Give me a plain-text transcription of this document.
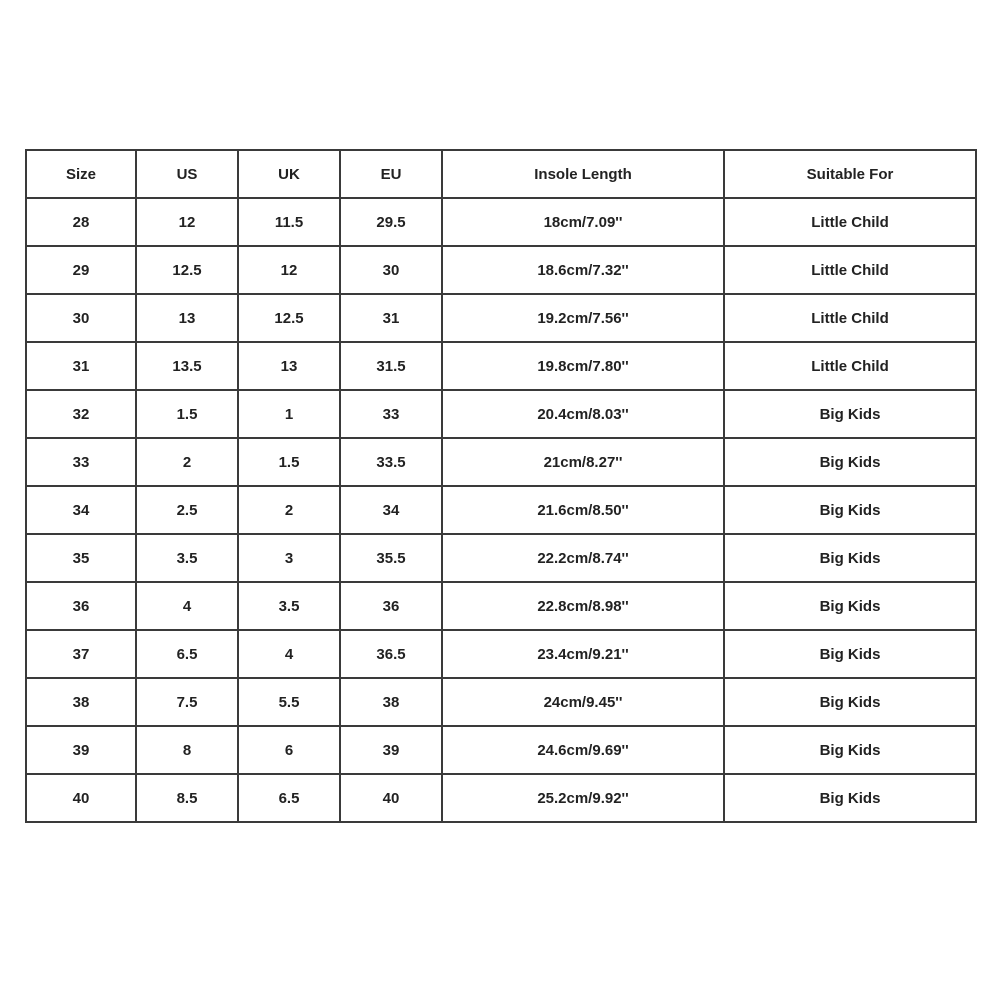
Size	US	UK	EU	Insole Length	Suitable For
28	12	11.5	29.5	18cm/7.09''	Little Child
29	12.5	12	30	18.6cm/7.32''	Little Child
30	13	12.5	31	19.2cm/7.56''	Little Child
31	13.5	13	31.5	19.8cm/7.80''	Little Child
32	1.5	1	33	20.4cm/8.03''	Big Kids
33	2	1.5	33.5	21cm/8.27''	Big Kids
34	2.5	2	34	21.6cm/8.50''	Big Kids
35	3.5	3	35.5	22.2cm/8.74''	Big Kids
36	4	3.5	36	22.8cm/8.98''	Big Kids
37	6.5	4	36.5	23.4cm/9.21''	Big Kids
38	7.5	5.5	38	24cm/9.45''	Big Kids
39	8	6	39	24.6cm/9.69''	Big Kids
40	8.5	6.5	40	25.2cm/9.92''	Big Kids
